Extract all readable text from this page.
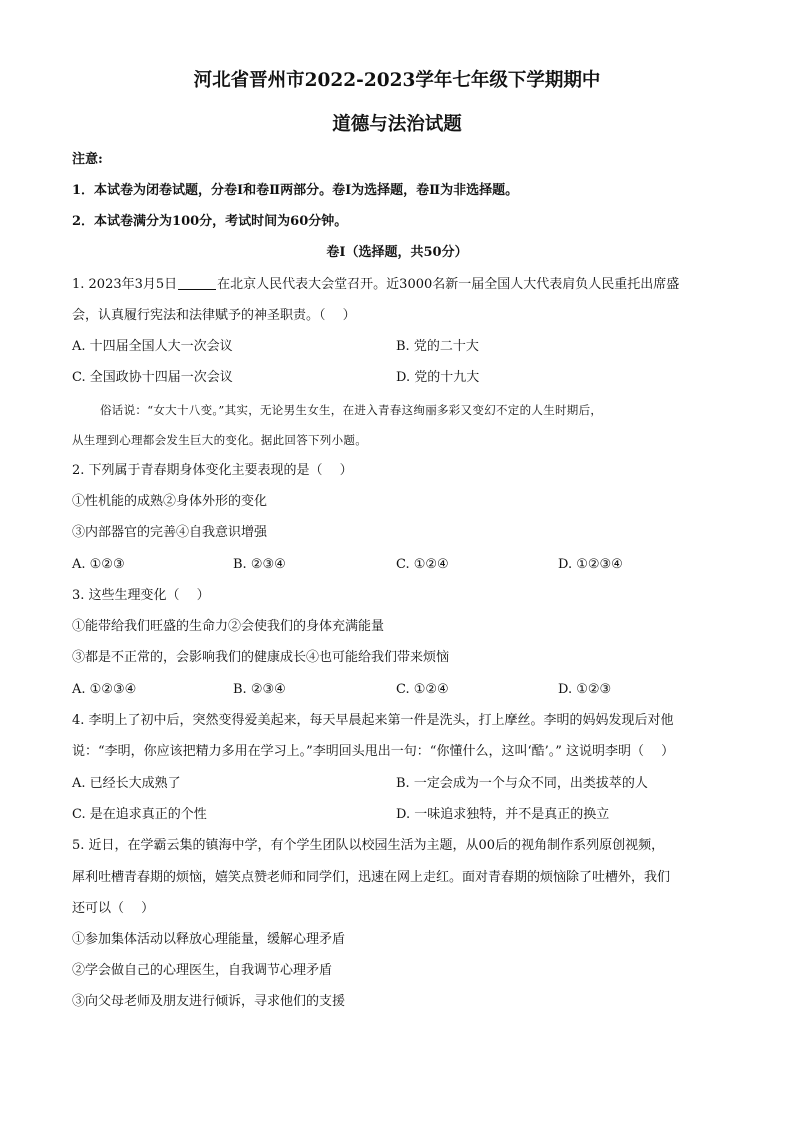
河北省晋州市2022-2023学年七年级下学期期中
道德与法治试题
注意:
1．本试卷为闭卷试题，分卷Ⅰ和卷Ⅱ两部分。卷Ⅰ为选择题，卷Ⅱ为非选择题。
2．本试卷满分为100分，考试时间为60分钟。
卷Ⅰ（选择题，共50分）
1. 2023年3月5日	在北京人民代表大会堂召开。近3000名新一届全国人大代表肩负人民重托出席盛
会，认真履行宪法和法律赋予的神圣职责。（　 ）
A. 十四届全国人大一次会议	B. 党的二十大
C. 全国政协十四届一次会议	D. 党的十九大
俗话说：“女大十八变。”其实，无论男生女生，在进入青春这绚丽多彩又变幻不定的人生时期后，
从生理到心理都会发生巨大的变化。据此回答下列小题。
2. 下列属于青春期身体变化主要表现的是（　 ）
①性机能的成熟②身体外形的变化
③内部器官的完善④自我意识增强
A. ①②③	B. ②③④	C. ①②④	D. ①②③④
3. 这些生理变化（　 ）
①能带给我们旺盛的生命力②会使我们的身体充满能量
③都是不正常的，会影响我们的健康成长④也可能给我们带来烦恼
A. ①②③④	B. ②③④	C. ①②④	D. ①②③
4. 李明上了初中后，突然变得爱美起来，每天早晨起来第一件是洗头，打上摩丝。李明的妈妈发现后对他
说：“李明，你应该把精力多用在学习上。”李明回头甩出一句：“你懂什么，这叫‘酷’。” 这说明李明（　 ）
A. 已经长大成熟了	B. 一定会成为一个与众不同，出类拔萃的人
C. 是在追求真正的个性	D. 一味追求独特，并不是真正的换立
5. 近日，在学霸云集的镇海中学，有个学生团队以校园生活为主题，从00后的视角制作系列原创视频，
犀利吐槽青春期的烦恼，嬉笑点赞老师和同学们，迅速在网上走红。面对青春期的烦恼除了吐槽外，我们
还可以（　 ）
①参加集体活动以释放心理能量，缓解心理矛盾
②学会做自己的心理医生，自我调节心理矛盾
③向父母老师及朋友进行倾诉，寻求他们的支援
